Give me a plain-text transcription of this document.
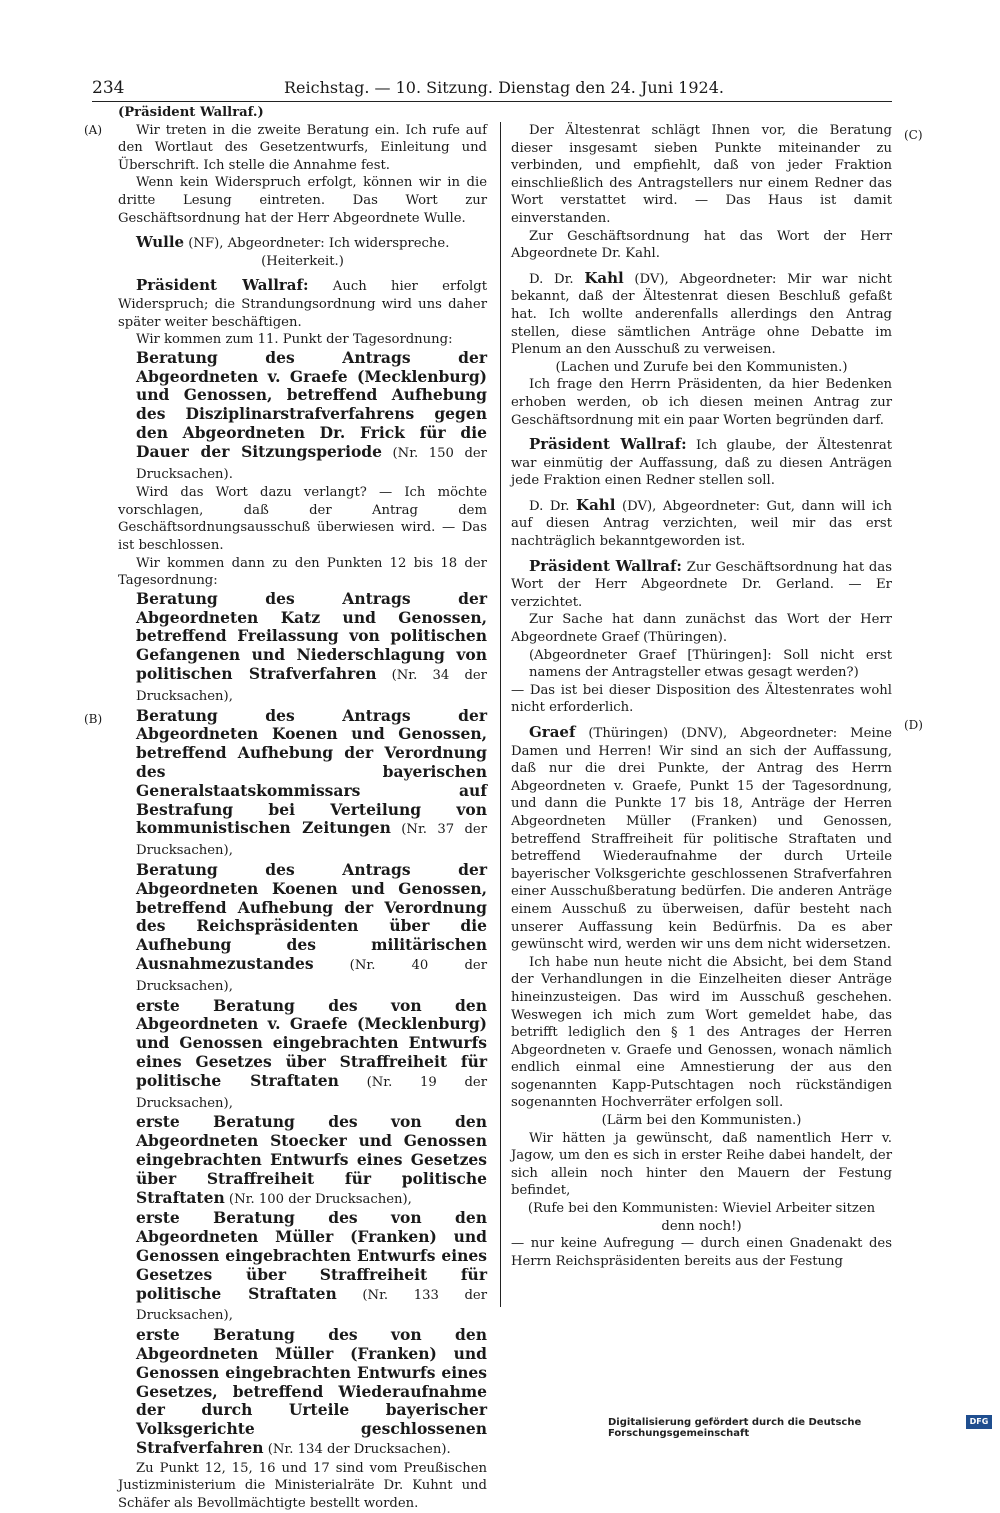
234	Reichstag. — 10. Sitzung. Dienstag den 24. Juni 1924.
(A)
(B)
(C)
(D)

(Präsident Wallraf.)

Wir treten in die zweite Beratung ein. Ich rufe auf den Wortlaut des Gesetzentwurfs, Einleitung und Überschrift. Ich stelle die Annahme fest.

Wenn kein Widerspruch erfolgt, können wir in die dritte Lesung eintreten. Das Wort zur Geschäftsordnung hat der Herr Abgeordnete Wulle.

Wulle (NF), Abgeordneter: Ich widerspreche.

(Heiterkeit.)

Präsident Wallraf: Auch hier erfolgt Widerspruch; die Strandungsordnung wird uns daher später weiter beschäftigen.

Wir kommen zum 11. Punkt der Tagesordnung:

Beratung des Antrags der Abgeordneten v. Graefe (Mecklenburg) und Genossen, betreffend Aufhebung des Disziplinarstrafverfahrens gegen den Abgeordneten Dr. Frick für die Dauer der Sitzungsperiode (Nr. 150 der Drucksachen).

Wird das Wort dazu verlangt? — Ich möchte vorschlagen, daß der Antrag dem Geschäftsordnungsausschuß überwiesen wird. — Das ist beschlossen.

Wir kommen dann zu den Punkten 12 bis 18 der Tagesordnung:

Beratung des Antrags der Abgeordneten Katz und Genossen, betreffend Freilassung von politischen Gefangenen und Niederschlagung von politischen Strafverfahren (Nr. 34 der Drucksachen),

Beratung des Antrags der Abgeordneten Koenen und Genossen, betreffend Aufhebung der Verordnung des bayerischen Generalstaatskommissars auf Bestrafung bei Verteilung von kommunistischen Zeitungen (Nr. 37 der Drucksachen),

Beratung des Antrags der Abgeordneten Koenen und Genossen, betreffend Aufhebung der Verordnung des Reichspräsidenten über die Aufhebung des militärischen Ausnahmezustandes (Nr. 40 der Drucksachen),

erste Beratung des von den Abgeordneten v. Graefe (Mecklenburg) und Genossen eingebrachten Entwurfs eines Gesetzes über Straffreiheit für politische Straftaten (Nr. 19 der Drucksachen),

erste Beratung des von den Abgeordneten Stoecker und Genossen eingebrachten Entwurfs eines Gesetzes über Straffreiheit für politische Straftaten (Nr. 100 der Drucksachen),

erste Beratung des von den Abgeordneten Müller (Franken) und Genossen eingebrachten Entwurfs eines Gesetzes über Straffreiheit für politische Straftaten (Nr. 133 der Drucksachen),

erste Beratung des von den Abgeordneten Müller (Franken) und Genossen eingebrachten Entwurfs eines Gesetzes, betreffend Wiederaufnahme der durch Urteile bayerischer Volksgerichte geschlossenen Strafverfahren (Nr. 134 der Drucksachen).

Zu Punkt 12, 15, 16 und 17 sind vom Preußischen Justizministerium die Ministerialräte Dr. Kuhnt und Schäfer als Bevollmächtigte bestellt worden.

Der Ältestenrat schlägt Ihnen vor, die Beratung dieser insgesamt sieben Punkte miteinander zu verbinden, und empfiehlt, daß von jeder Fraktion einschließlich des Antragstellers nur einem Redner das Wort verstattet wird. — Das Haus ist damit einverstanden.

Zur Geschäftsordnung hat das Wort der Herr Abgeordnete Dr. Kahl.

D. Dr. Kahl (DV), Abgeordneter: Mir war nicht bekannt, daß der Ältestenrat diesen Beschluß gefaßt hat. Ich wollte anderenfalls allerdings den Antrag stellen, diese sämtlichen Anträge ohne Debatte im Plenum an den Ausschuß zu verweisen.

(Lachen und Zurufe bei den Kommunisten.)

Ich frage den Herrn Präsidenten, da hier Bedenken erhoben werden, ob ich diesen meinen Antrag zur Geschäftsordnung mit ein paar Worten begründen darf.

Präsident Wallraf: Ich glaube, der Ältestenrat war einmütig der Auffassung, daß zu diesen Anträgen jede Fraktion einen Redner stellen soll.

D. Dr. Kahl (DV), Abgeordneter: Gut, dann will ich auf diesen Antrag verzichten, weil mir das erst nachträglich bekanntgeworden ist.

Präsident Wallraf: Zur Geschäftsordnung hat das Wort der Herr Abgeordnete Dr. Gerland. — Er verzichtet.

Zur Sache hat dann zunächst das Wort der Herr Abgeordnete Graef (Thüringen).

(Abgeordneter Graef [Thüringen]: Soll nicht erst namens der Antragsteller etwas gesagt werden?)

— Das ist bei dieser Disposition des Ältestenrates wohl nicht erforderlich.

Graef (Thüringen) (DNV), Abgeordneter: Meine Damen und Herren! Wir sind an sich der Auffassung, daß nur die drei Punkte, der Antrag des Herrn Abgeordneten v. Graefe, Punkt 15 der Tagesordnung, und dann die Punkte 17 bis 18, Anträge der Herren Abgeordneten Müller (Franken) und Genossen, betreffend Straffreiheit für politische Straftaten und betreffend Wiederaufnahme der durch Urteile bayerischer Volksgerichte geschlossenen Strafverfahren einer Ausschußberatung bedürfen. Die anderen Anträge einem Ausschuß zu überweisen, dafür besteht nach unserer Auffassung kein Bedürfnis. Da es aber gewünscht wird, werden wir uns dem nicht widersetzen.

Ich habe nun heute nicht die Absicht, bei dem Stand der Verhandlungen in die Einzelheiten dieser Anträge hineinzusteigen. Das wird im Ausschuß geschehen. Weswegen ich mich zum Wort gemeldet habe, das betrifft lediglich den § 1 des Antrages der Herren Abgeordneten v. Graefe und Genossen, wonach nämlich endlich einmal eine Amnestierung der aus den sogenannten Kapp-Putschtagen noch rückständigen sogenannten Hochverräter erfolgen soll.

(Lärm bei den Kommunisten.)

Wir hätten ja gewünscht, daß namentlich Herr v. Jagow, um den es sich in erster Reihe dabei handelt, der sich allein noch hinter den Mauern der Festung befindet,

(Rufe bei den Kommunisten: Wieviel Arbeiter sitzen denn noch!)

— nur keine Aufregung — durch einen Gnadenakt des Herrn Reichspräsidenten bereits aus der Festung

Digitalisierung gefördert durch die Deutsche Forschungsgemeinschaft
DFG
